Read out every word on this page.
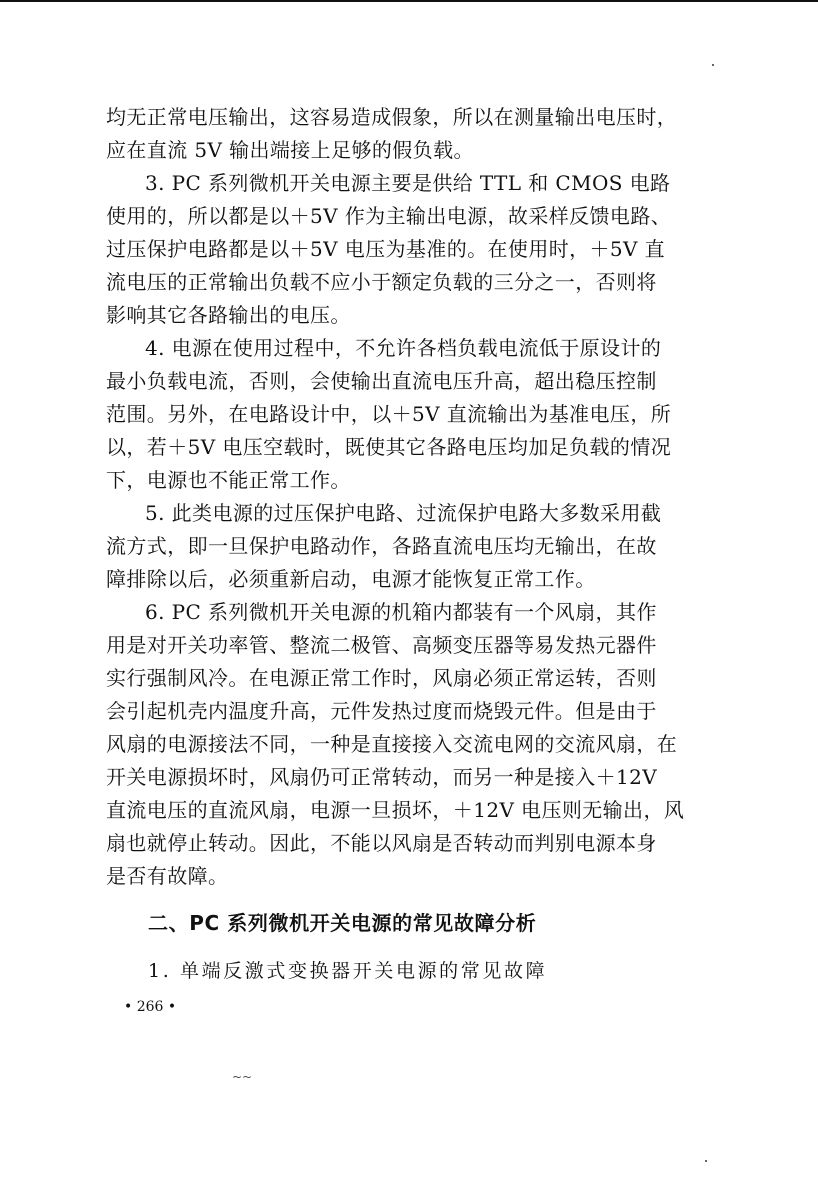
均无正常电压输出，这容易造成假象，所以在测量输出电压时，
应在直流 5V 输出端接上足够的假负载。
3. PC 系列微机开关电源主要是供给 TTL 和 CMOS 电路
使用的，所以都是以＋5V 作为主输出电源，故采样反馈电路、
过压保护电路都是以＋5V 电压为基准的。在使用时，＋5V 直
流电压的正常输出负载不应小于额定负载的三分之一，否则将
影响其它各路输出的电压。
4. 电源在使用过程中，不允许各档负载电流低于原设计的
最小负载电流，否则，会使输出直流电压升高，超出稳压控制
范围。另外，在电路设计中，以＋5V 直流输出为基准电压，所
以，若＋5V 电压空载时，既使其它各路电压均加足负载的情况
下，电源也不能正常工作。
5. 此类电源的过压保护电路、过流保护电路大多数采用截
流方式，即一旦保护电路动作，各路直流电压均无输出，在故
障排除以后，必须重新启动，电源才能恢复正常工作。
6. PC 系列微机开关电源的机箱内都装有一个风扇，其作
用是对开关功率管、整流二极管、高频变压器等易发热元器件
实行强制风冷。在电源正常工作时，风扇必须正常运转，否则
会引起机壳内温度升高，元件发热过度而烧毁元件。但是由于
风扇的电源接法不同，一种是直接接入交流电网的交流风扇，在
开关电源损坏时，风扇仍可正常转动，而另一种是接入＋12V
直流电压的直流风扇，电源一旦损坏，＋12V 电压则无输出，风
扇也就停止转动。因此，不能以风扇是否转动而判别电源本身
是否有故障。
二、PC 系列微机开关电源的常见故障分析
1. 单端反激式变换器开关电源的常见故障
• 266 •
~~
